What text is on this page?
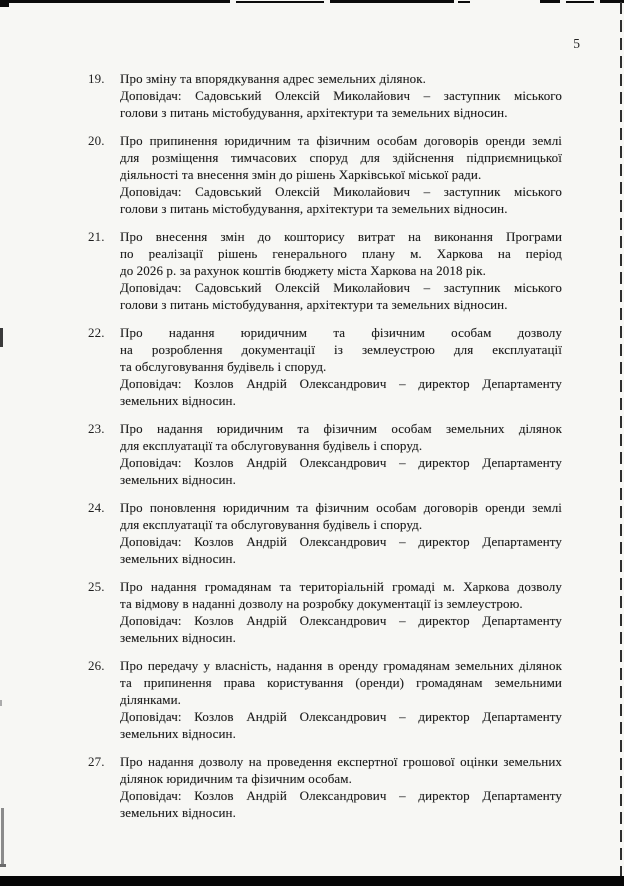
5
19.	Про зміну та впорядкування адрес земельних ділянок.
Доповідач: Садовський Олексій Миколайович – заступник міського
голови з питань містобудування, архітектури та земельних відносин.
20.	Про припинення юридичним та фізичним особам договорів оренди землі
для розміщення тимчасових споруд для здійснення підприємницької
діяльності та внесення змін до рішень Харківської міської ради.
Доповідач: Садовський Олексій Миколайович – заступник міського
голови з питань містобудування, архітектури та земельних відносин.
21.	Про внесення змін до кошторису витрат на виконання Програми
по реалізації рішень генерального плану м. Харкова на період
до 2026 р. за рахунок коштів бюджету міста Харкова на 2018 рік.
Доповідач: Садовський Олексій Миколайович – заступник міського
голови з питань містобудування, архітектури та земельних відносин.
22.	Про надання юридичним та фізичним особам дозволу
на розроблення документації із землеустрою для експлуатації
та обслуговування будівель і споруд.
Доповідач: Козлов Андрій Олександрович – директор Департаменту
земельних відносин.
23.	Про надання юридичним та фізичним особам земельних ділянок
для експлуатації та обслуговування будівель і споруд.
Доповідач: Козлов Андрій Олександрович – директор Департаменту
земельних відносин.
24.	Про поновлення юридичним та фізичним особам договорів оренди землі
для експлуатації та обслуговування будівель і споруд.
Доповідач: Козлов Андрій Олександрович – директор Департаменту
земельних відносин.
25.	Про надання громадянам та територіальній громаді м. Харкова дозволу
та відмову в наданні дозволу на розробку документації із землеустрою.
Доповідач: Козлов Андрій Олександрович – директор Департаменту
земельних відносин.
26.	Про передачу у власність, надання в оренду громадянам земельних ділянок
та припинення права користування (оренди) громадянам земельними
ділянками.
Доповідач: Козлов Андрій Олександрович – директор Департаменту
земельних відносин.
27.	Про надання дозволу на проведення експертної грошової оцінки земельних
ділянок юридичним та фізичним особам.
Доповідач: Козлов Андрій Олександрович – директор Департаменту
земельних відносин.
